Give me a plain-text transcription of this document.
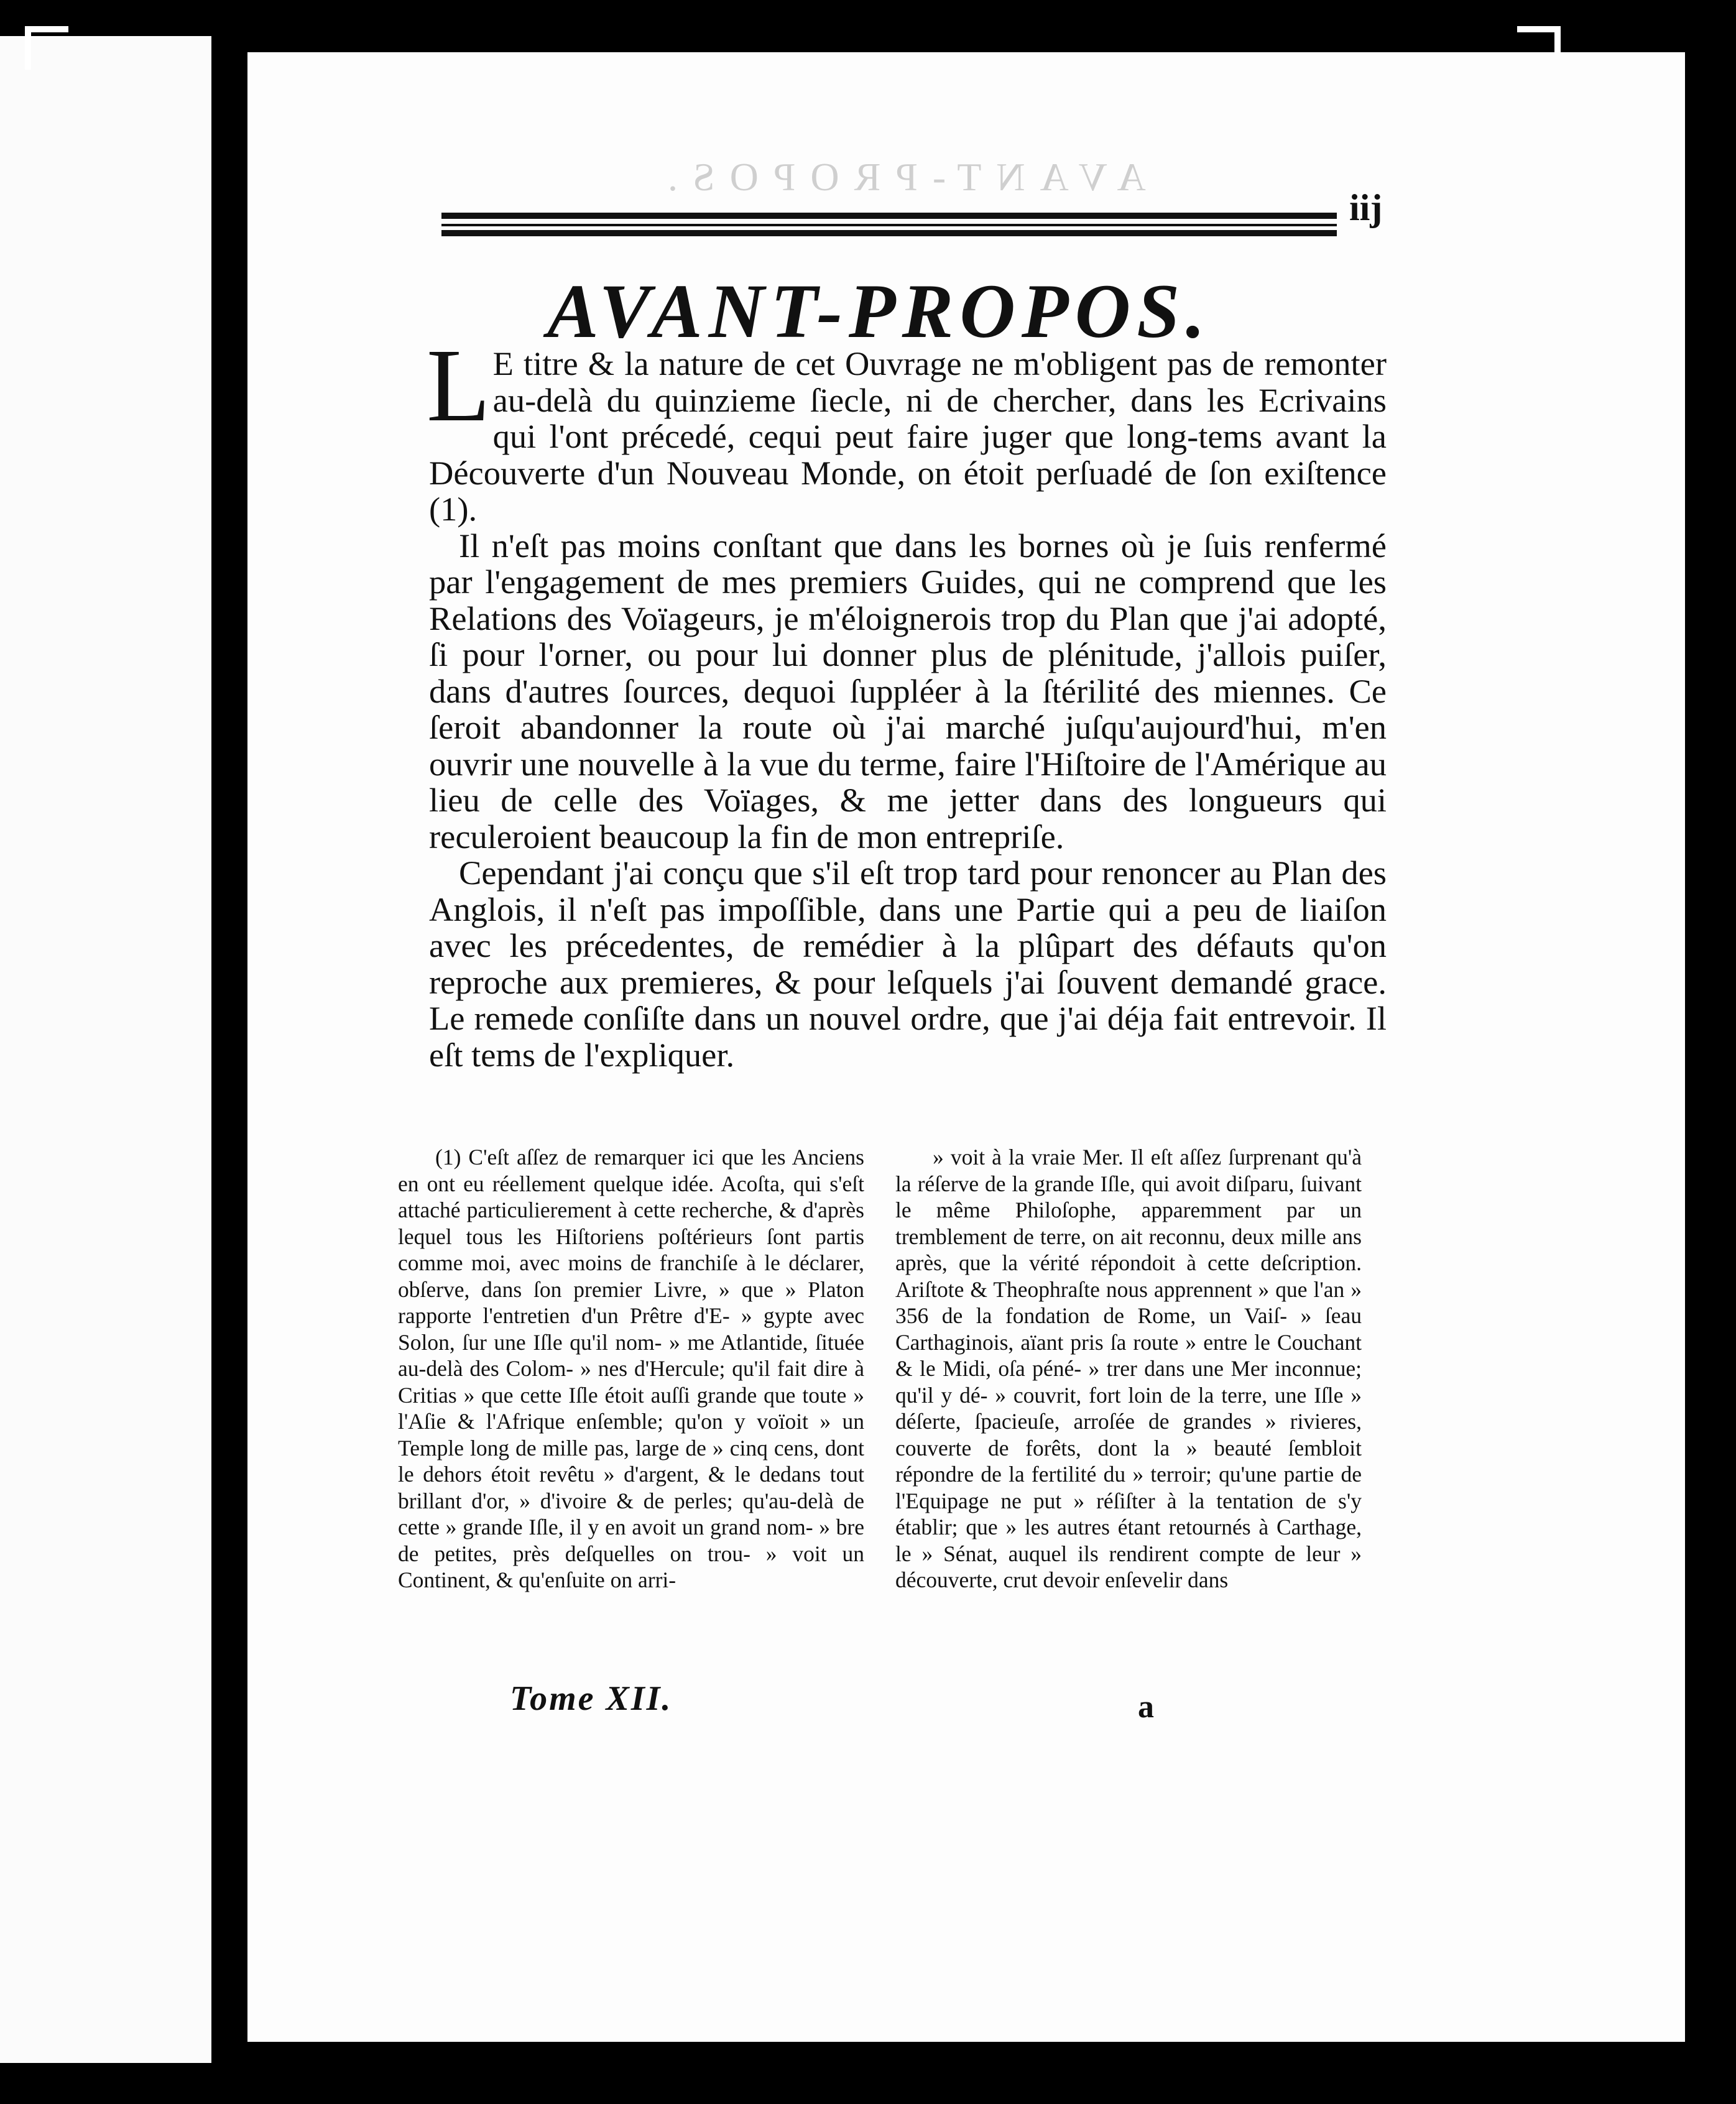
AVANT-PROPOS.
iij
AVANT-PROPOS.

L E titre & la nature de cet Ouvrage ne m'obligent pas de remonter au-delà du quinzieme ſiecle, ni de chercher, dans les Ecrivains qui l'ont précedé, cequi peut faire juger que long-tems avant la Découverte d'un Nouveau Monde, on étoit perſuadé de ſon exiſtence (1).

Il n'eſt pas moins conſtant que dans les bornes où je ſuis renfermé par l'engagement de mes premiers Guides, qui ne comprend que les Relations des Voïageurs, je m'éloignerois trop du Plan que j'ai adopté, ſi pour l'orner, ou pour lui donner plus de plénitude, j'allois puiſer, dans d'autres ſources, dequoi ſuppléer à la ſtérilité des miennes. Ce ſeroit abandonner la route où j'ai marché juſqu'aujourd'hui, m'en ouvrir une nouvelle à la vue du terme, faire l'Hiſtoire de l'Amérique au lieu de celle des Voïages, & me jetter dans des longueurs qui reculeroient beaucoup la fin de mon entrepriſe.

Cependant j'ai conçu que s'il eſt trop tard pour renoncer au Plan des Anglois, il n'eſt pas impoſſible, dans une Partie qui a peu de liaiſon avec les précedentes, de remédier à la plûpart des défauts qu'on reproche aux premieres, & pour leſquels j'ai ſouvent demandé grace. Le remede conſiſte dans un nouvel ordre, que j'ai déja fait entrevoir. Il eſt tems de l'expliquer.

(1) C'eſt aſſez de remarquer ici que les Anciens en ont eu réellement quelque idée. Acoſta, qui s'eſt attaché particulierement à cette recherche, & d'après lequel tous les Hiſtoriens poſtérieurs ſont partis comme moi, avec moins de franchiſe à le déclarer, obſerve, dans ſon premier Livre, » que » Platon rapporte l'entretien d'un Prêtre d'E- » gypte avec Solon, ſur une Iſle qu'il nom- » me Atlantide, ſituée au-delà des Colom- » nes d'Hercule; qu'il fait dire à Critias » que cette Iſle étoit auſſi grande que toute » l'Aſie & l'Afrique enſemble; qu'on y voïoit » un Temple long de mille pas, large de » cinq cens, dont le dehors étoit revêtu » d'argent, & le dedans tout brillant d'or, » d'ivoire & de perles; qu'au-delà de cette » grande Iſle, il y en avoit un grand nom- » bre de petites, près deſquelles on trou- » voit un Continent, & qu'enſuite on arri-

» voit à la vraie Mer. Il eſt aſſez ſurprenant qu'à la réſerve de la grande Iſle, qui avoit diſparu, ſuivant le même Philoſophe, apparemment par un tremblement de terre, on ait reconnu, deux mille ans après, que la vérité répondoit à cette deſcription. Ariſtote & Theophraſte nous apprennent » que l'an » 356 de la fondation de Rome, un Vaiſ- » ſeau Carthaginois, aïant pris ſa route » entre le Couchant & le Midi, oſa péné- » trer dans une Mer inconnue; qu'il y dé- » couvrit, fort loin de la terre, une Iſle » déſerte, ſpacieuſe, arroſée de grandes » rivieres, couverte de forêts, dont la » beauté ſembloit répondre de la fertilité du » terroir; qu'une partie de l'Equipage ne put » réſiſter à la tentation de s'y établir; que » les autres étant retournés à Carthage, le » Sénat, auquel ils rendirent compte de leur » découverte, crut devoir enſevelir dans

Tome XII.	a
